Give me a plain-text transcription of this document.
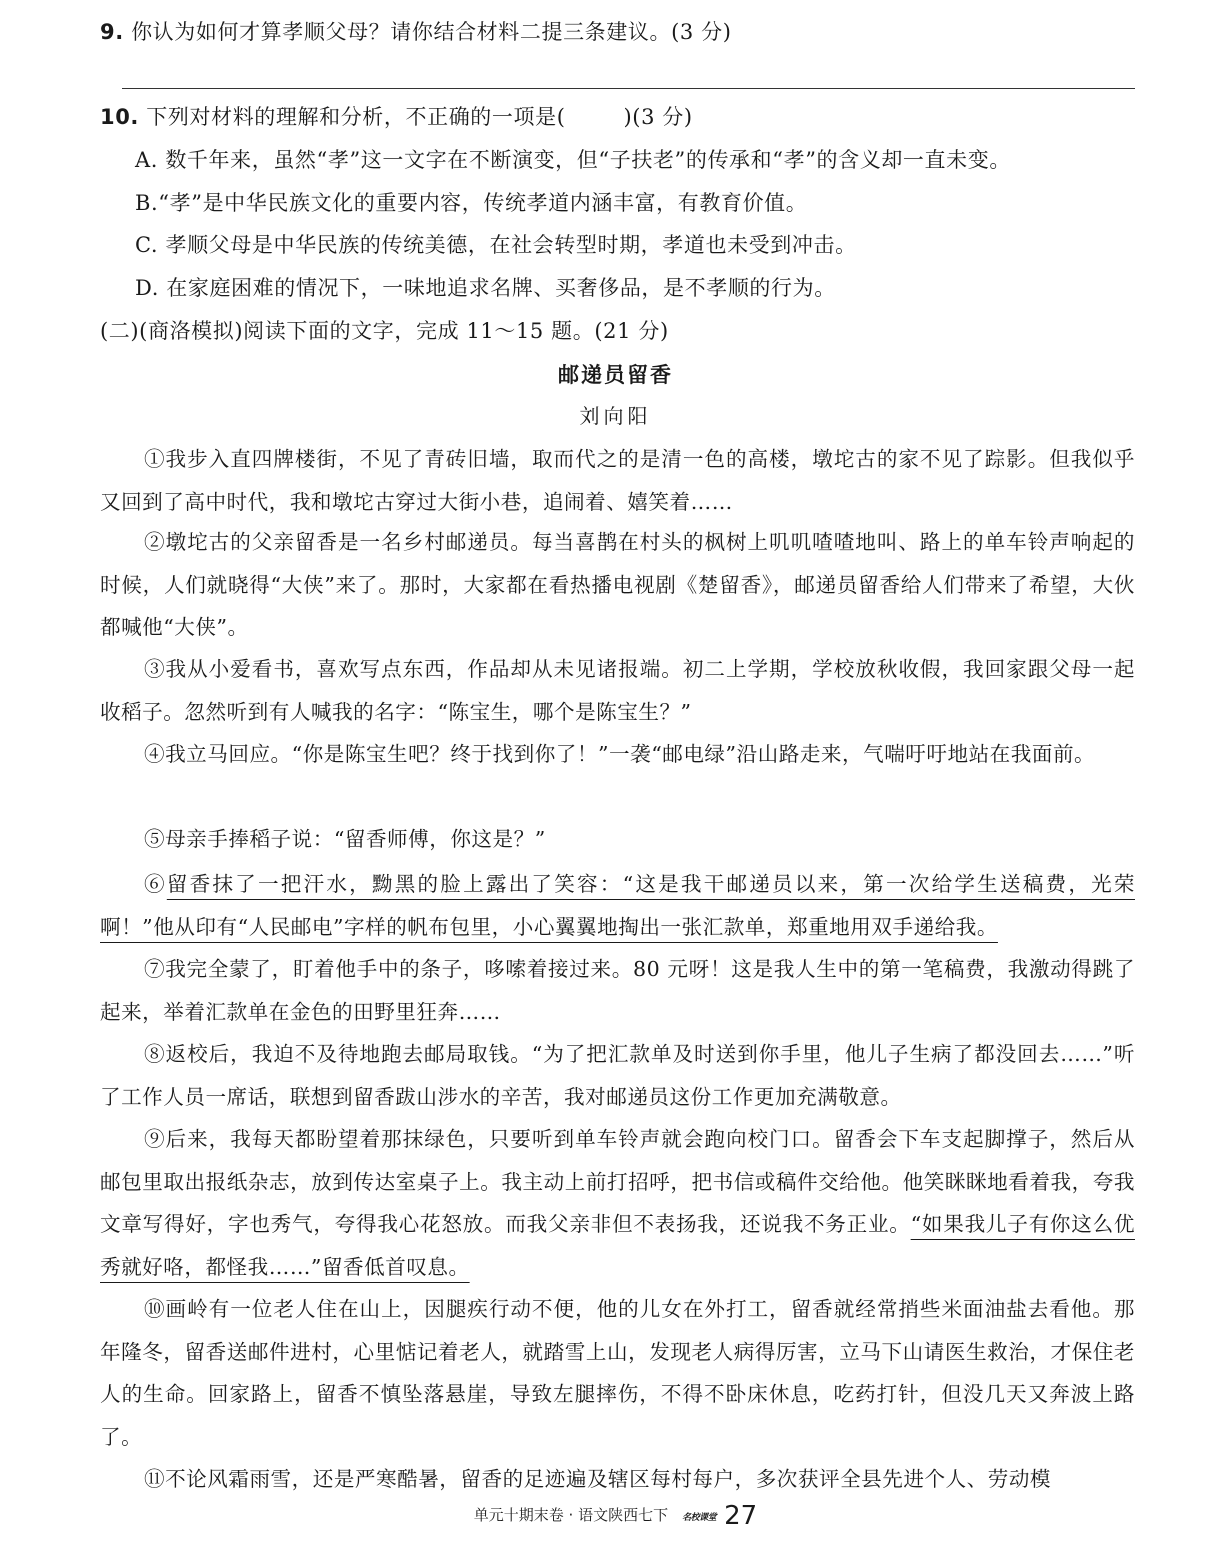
9. 你认为如何才算孝顺父母？请你结合材料二提三条建议。(3 分)
10. 下列对材料的理解和分析，不正确的一项是(	)(3 分)
A. 数千年来，虽然“孝”这一文字在不断演变，但“子扶老”的传承和“孝”的含义却一直未变。
B.“孝”是中华民族文化的重要内容，传统孝道内涵丰富，有教育价值。
C. 孝顺父母是中华民族的传统美德，在社会转型时期，孝道也未受到冲击。
D. 在家庭困难的情况下，一味地追求名牌、买奢侈品，是不孝顺的行为。
(二)(商洛模拟)阅读下面的文字，完成 11～15 题。(21 分)
邮递员留香
刘向阳
①我步入直四牌楼街，不见了青砖旧墙，取而代之的是清一色的高楼，墩坨古的家不见了踪影。但我似乎又回到了高中时代，我和墩坨古穿过大街小巷，追闹着、嬉笑着……
②墩坨古的父亲留香是一名乡村邮递员。每当喜鹊在村头的枫树上叽叽喳喳地叫、路上的单车铃声响起的时候，人们就晓得“大侠”来了。那时，大家都在看热播电视剧《楚留香》，邮递员留香给人们带来了希望，大伙都喊他“大侠”。
③我从小爱看书，喜欢写点东西，作品却从未见诸报端。初二上学期，学校放秋收假，我回家跟父母一起收稻子。忽然听到有人喊我的名字：“陈宝生，哪个是陈宝生？”
④我立马回应。“你是陈宝生吧？终于找到你了！”一袭“邮电绿”沿山路走来，气喘吁吁地站在我面前。
⑤母亲手捧稻子说：“留香师傅，你这是？”
⑥留香抹了一把汗水，黝黑的脸上露出了笑容：“这是我干邮递员以来，第一次给学生送稿费，光荣啊！”他从印有“人民邮电”字样的帆布包里，小心翼翼地掏出一张汇款单，郑重地用双手递给我。
⑦我完全蒙了，盯着他手中的条子，哆嗦着接过来。80 元呀！这是我人生中的第一笔稿费，我激动得跳了起来，举着汇款单在金色的田野里狂奔……
⑧返校后，我迫不及待地跑去邮局取钱。“为了把汇款单及时送到你手里，他儿子生病了都没回去……”听了工作人员一席话，联想到留香跋山涉水的辛苦，我对邮递员这份工作更加充满敬意。
⑨后来，我每天都盼望着那抹绿色，只要听到单车铃声就会跑向校门口。留香会下车支起脚撑子，然后从邮包里取出报纸杂志，放到传达室桌子上。我主动上前打招呼，把书信或稿件交给他。他笑眯眯地看着我，夸我文章写得好，字也秀气，夸得我心花怒放。而我父亲非但不表扬我，还说我不务正业。“如果我儿子有你这么优秀就好咯，都怪我……”留香低首叹息。
⑩画岭有一位老人住在山上，因腿疾行动不便，他的儿女在外打工，留香就经常捎些米面油盐去看他。那年隆冬，留香送邮件进村，心里惦记着老人，就踏雪上山，发现老人病得厉害，立马下山请医生救治，才保住老人的生命。回家路上，留香不慎坠落悬崖，导致左腿摔伤，不得不卧床休息，吃药打针，但没几天又奔波上路了。
⑪不论风霜雨雪，还是严寒酷暑，留香的足迹遍及辖区每村每户，多次获评全县先进个人、劳动模
单元十期末卷 · 语文陕西七下 名校课堂 27
